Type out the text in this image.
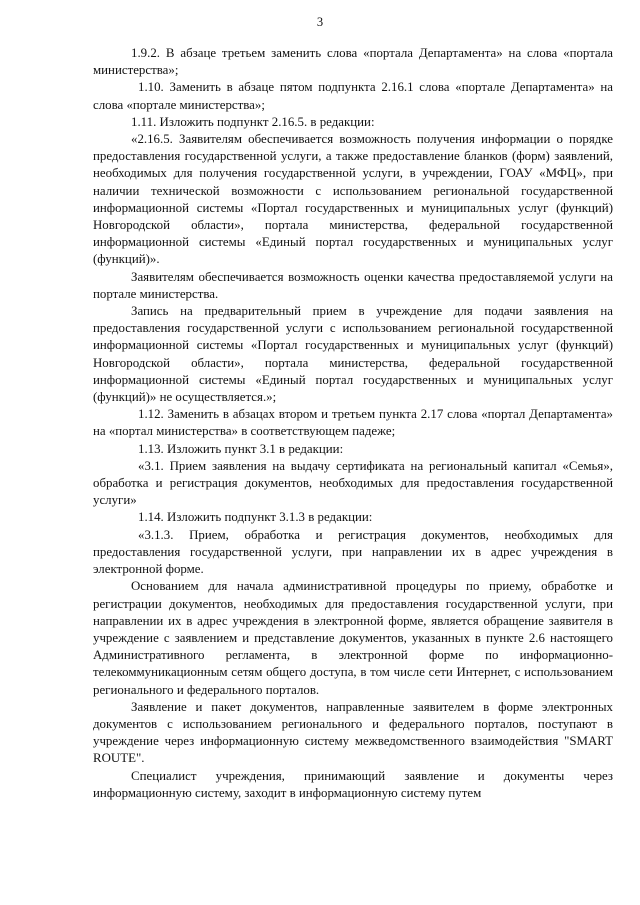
3

1.9.2. В абзаце третьем заменить слова «портала Департамента» на слова «портала министерства»;

1.10. Заменить в абзаце пятом подпункта 2.16.1 слова «портале Департамента» на слова «портале министерства»;

1.11. Изложить подпункт 2.16.5. в редакции:

«2.16.5. Заявителям обеспечивается возможность получения информации о порядке предоставления государственной услуги, а также предоставление бланков (форм) заявлений, необходимых для получения государственной услуги, в учреждении, ГОАУ «МФЦ», при наличии технической возможности с использованием региональной государственной информационной системы «Портал государственных и муниципальных услуг (функций) Новгородской области», портала министерства, федеральной государственной информационной системы «Единый портал государственных и муниципальных услуг (функций)».

Заявителям обеспечивается возможность оценки качества предоставляемой услуги на портале министерства.

Запись на предварительный прием в учреждение для подачи заявления на предоставления государственной услуги с использованием региональной государственной информационной системы «Портал государственных и муниципальных услуг (функций) Новгородской области», портала министерства, федеральной государственной информационной системы «Единый портал государственных и муниципальных услуг (функций)» не осуществляется.»;

1.12. Заменить в абзацах втором и третьем пункта 2.17 слова «портал Департамента» на «портал министерства» в соответствующем падеже;

1.13. Изложить пункт 3.1 в редакции:

«3.1. Прием заявления на выдачу сертификата на региональный капитал «Семья», обработка и регистрация документов, необходимых для предоставления государственной услуги»

1.14. Изложить подпункт 3.1.3 в редакции:

«3.1.3. Прием, обработка и регистрация документов, необходимых для предоставления государственной услуги, при направлении их в адрес учреждения в электронной форме.

Основанием для начала административной процедуры по приему, обработке и регистрации документов, необходимых для предоставления государственной услуги, при направлении их в адрес учреждения в электронной форме, является обращение заявителя в учреждение с заявлением и представление документов, указанных в пункте 2.6 настоящего Административного регламента, в электронной форме по информационно-телекоммуникационным сетям общего доступа, в том числе сети Интернет, с использованием регионального и федерального порталов.

Заявление и пакет документов, направленные заявителем в форме электронных документов с использованием регионального и федерального порталов, поступают в учреждение через информационную систему межведомственного взаимодействия "SMART ROUTE".

Специалист учреждения, принимающий заявление и документы через информационную систему, заходит в информационную систему путем
